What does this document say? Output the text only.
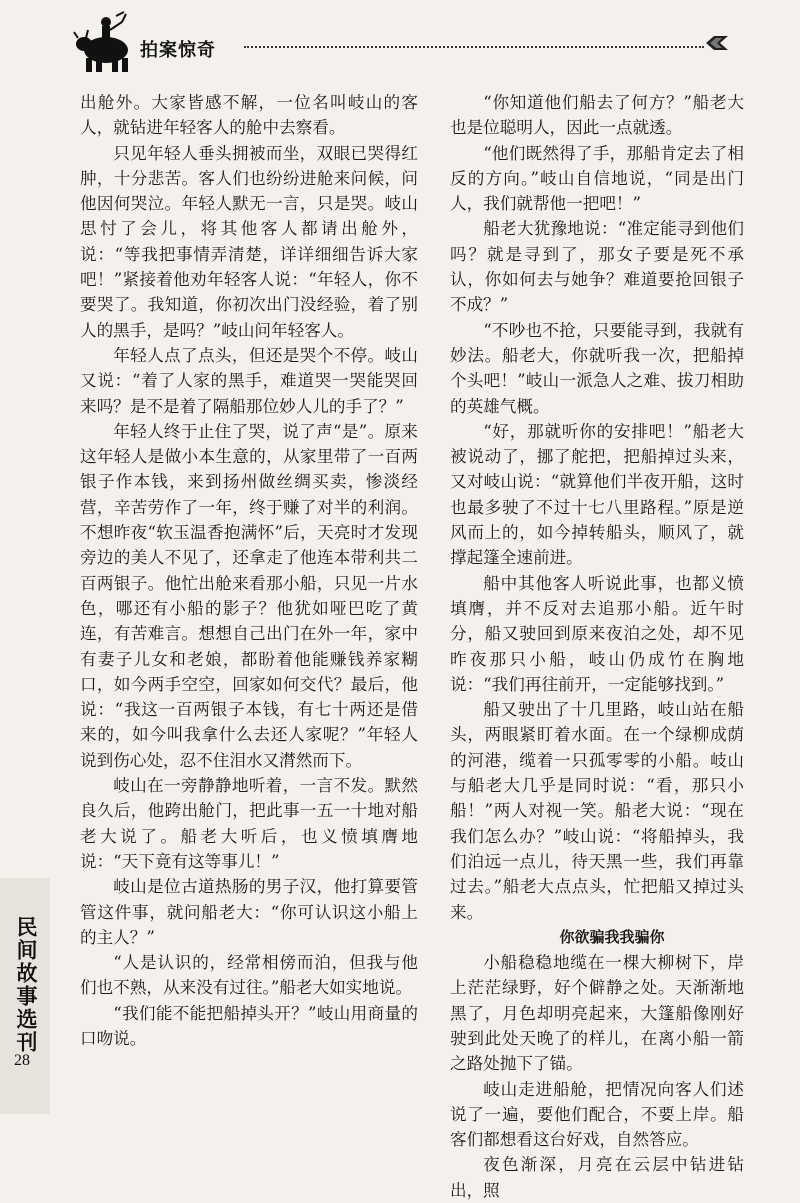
拍案惊奇

出舱外。大家皆感不解，一位名叫岐山的客人，就钻进年轻客人的舱中去察看。

只见年轻人垂头拥被而坐，双眼已哭得红肿，十分悲苦。客人们也纷纷进舱来问候，问他因何哭泣。年轻人默无一言，只是哭。岐山思忖了会儿，将其他客人都请出舱外，说：“等我把事情弄清楚，详详细细告诉大家吧！”紧接着他劝年轻客人说：“年轻人，你不要哭了。我知道，你初次出门没经验，着了别人的黑手，是吗？”岐山问年轻客人。

年轻人点了点头，但还是哭个不停。岐山又说：“着了人家的黑手，难道哭一哭能哭回来吗？是不是着了隔船那位妙人儿的手了？”

年轻人终于止住了哭，说了声“是”。原来这年轻人是做小本生意的，从家里带了一百两银子作本钱，来到扬州做丝绸买卖，惨淡经营，辛苦劳作了一年，终于赚了对半的利润。不想昨夜“软玉温香抱满怀”后，天亮时才发现旁边的美人不见了，还拿走了他连本带利共二百两银子。他忙出舱来看那小船，只见一片水色，哪还有小船的影子？他犹如哑巴吃了黄连，有苦难言。想想自己出门在外一年，家中有妻子儿女和老娘，都盼着他能赚钱养家糊口，如今两手空空，回家如何交代？最后，他说：“我这一百两银子本钱，有七十两还是借来的，如今叫我拿什么去还人家呢？”年轻人说到伤心处，忍不住泪水又潸然而下。

岐山在一旁静静地听着，一言不发。默然良久后，他跨出舱门，把此事一五一十地对船老大说了。船老大听后，也义愤填膺地说：“天下竟有这等事儿！”

岐山是位古道热肠的男子汉，他打算要管管这件事，就问船老大：“你可认识这小船上的主人？”

“人是认识的，经常相傍而泊，但我与他们也不熟，从来没有过往。”船老大如实地说。

“我们能不能把船掉头开？”岐山用商量的口吻说。

“你知道他们船去了何方？”船老大也是位聪明人，因此一点就透。

“他们既然得了手，那船肯定去了相反的方向。”岐山自信地说，“同是出门人，我们就帮他一把吧！”

船老大犹豫地说：“准定能寻到他们吗？就是寻到了，那女子要是死不承认，你如何去与她争？难道要抢回银子不成？”

“不吵也不抢，只要能寻到，我就有妙法。船老大，你就听我一次，把船掉个头吧！”岐山一派急人之难、拔刀相助的英雄气概。

“好，那就听你的安排吧！”船老大被说动了，挪了舵把，把船掉过头来，又对岐山说：“就算他们半夜开船，这时也最多驶了不过十七八里路程。”原是逆风而上的，如今掉转船头，顺风了，就撑起篷全速前进。

船中其他客人听说此事，也都义愤填膺，并不反对去追那小船。近午时分，船又驶回到原来夜泊之处，却不见昨夜那只小船，岐山仍成竹在胸地说：“我们再往前开，一定能够找到。”

船又驶出了十几里路，岐山站在船头，两眼紧盯着水面。在一个绿柳成荫的河港，缆着一只孤零零的小船。岐山与船老大几乎是同时说：“看，那只小船！”两人对视一笑。船老大说：“现在我们怎么办？”岐山说：“将船掉头，我们泊远一点儿，待天黑一些，我们再靠过去。”船老大点点头，忙把船又掉过头来。

你欲骗我我骗你

小船稳稳地缆在一棵大柳树下，岸上茫茫绿野，好个僻静之处。天渐渐地黑了，月色却明亮起来，大篷船像刚好驶到此处天晚了的样儿，在离小船一箭之路处抛下了锚。

岐山走进船舱，把情况向客人们述说了一遍，要他们配合，不要上岸。船客们都想看这台好戏，自然答应。

夜色渐深，月亮在云层中钻进钻出，照

民间故事选刊
28
